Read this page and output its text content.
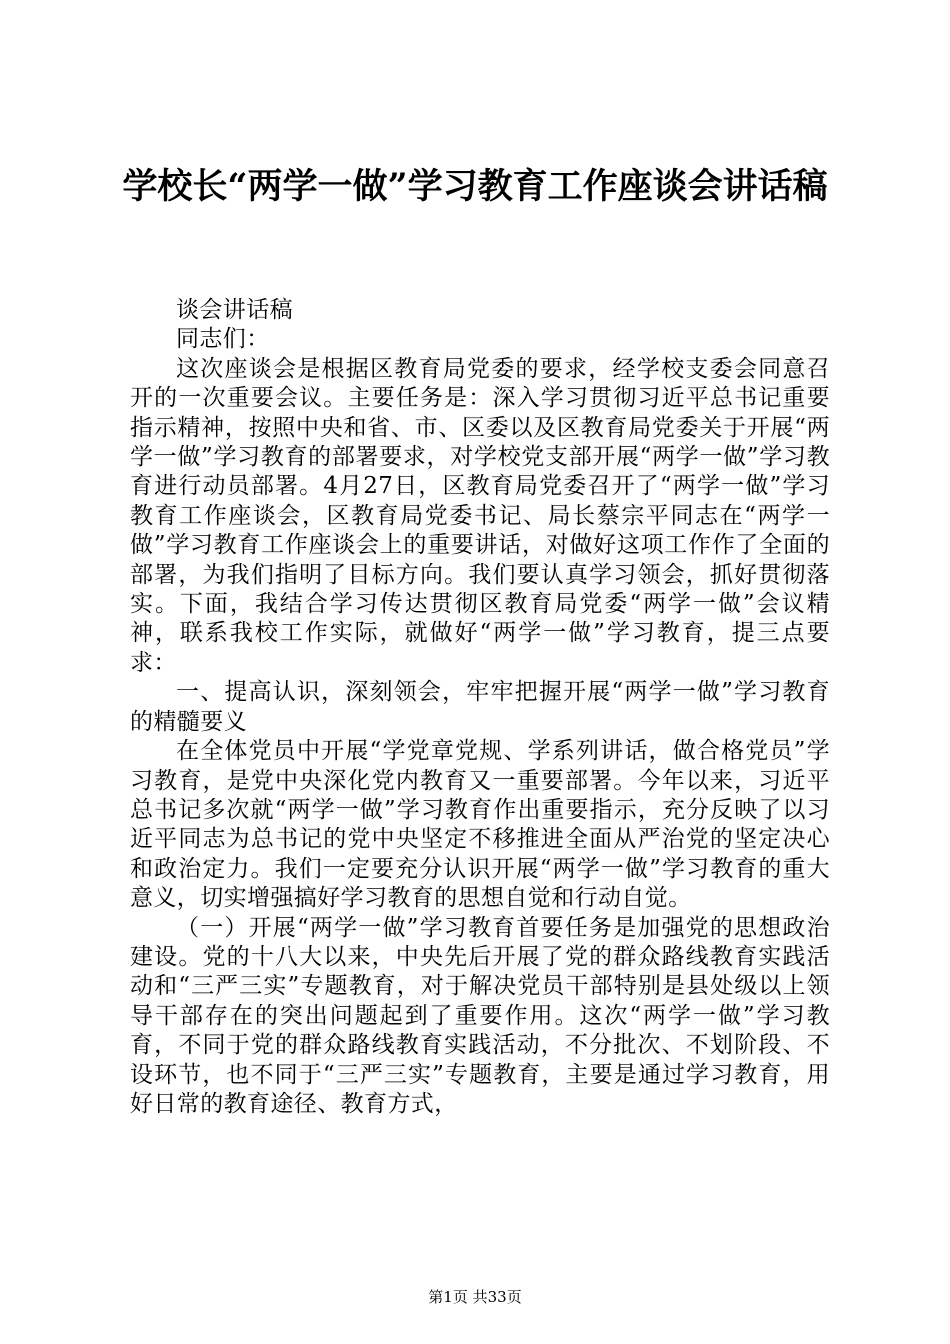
学校长“两学一做”学习教育工作座谈会讲话稿

谈会讲话稿

同志们：

这次座谈会是根据区教育局党委的要求，经学校支委会同意召开的一次重要会议。主要任务是：深入学习贯彻习近平总书记重要指示精神，按照中央和省、市、区委以及区教育局党委关于开展“两学一做”学习教育的部署要求，对学校党支部开展“两学一做”学习教育进行动员部署。4月27日，区教育局党委召开了“两学一做”学习教育工作座谈会，区教育局党委书记、局长蔡宗平同志在“两学一做”学习教育工作座谈会上的重要讲话，对做好这项工作作了全面的部署，为我们指明了目标方向。我们要认真学习领会，抓好贯彻落实。下面，我结合学习传达贯彻区教育局党委“两学一做”会议精神，联系我校工作实际，就做好“两学一做”学习教育，提三点要求：

一、提高认识，深刻领会，牢牢把握开展“两学一做”学习教育的精髓要义

在全体党员中开展“学党章党规、学系列讲话，做合格党员”学习教育，是党中央深化党内教育又一重要部署。今年以来，习近平总书记多次就“两学一做”学习教育作出重要指示，充分反映了以习近平同志为总书记的党中央坚定不移推进全面从严治党的坚定决心和政治定力。我们一定要充分认识开展“两学一做”学习教育的重大意义，切实增强搞好学习教育的思想自觉和行动自觉。

（一）开展“两学一做”学习教育首要任务是加强党的思想政治建设。党的十八大以来，中央先后开展了党的群众路线教育实践活动和“三严三实”专题教育，对于解决党员干部特别是县处级以上领导干部存在的突出问题起到了重要作用。这次“两学一做”学习教育，不同于党的群众路线教育实践活动，不分批次、不划阶段、不设环节，也不同于“三严三实”专题教育，主要是通过学习教育，用好日常的教育途径、教育方式，

第1页 共33页
